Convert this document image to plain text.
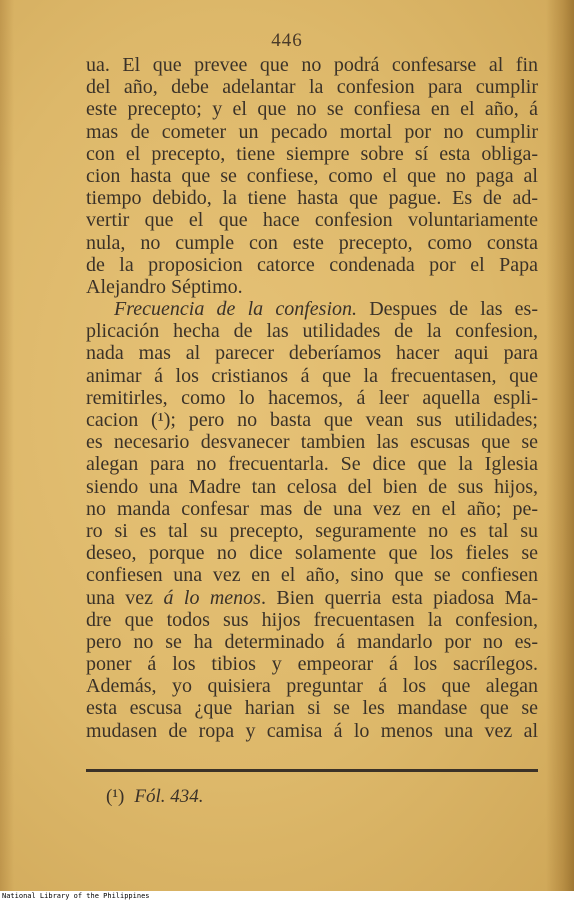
446
ua. El que prevee que no podrá confesarse al fin
del año, debe adelantar la confesion para cumplir
este precepto; y el que no se confiesa en el año, á
mas de cometer un pecado mortal por no cumplir
con el precepto, tiene siempre sobre sí esta obliga-
cion hasta que se confiese, como el que no paga al
tiempo debido, la tiene hasta que pague. Es de ad-
vertir que el que hace confesion voluntariamente
nula, no cumple con este precepto, como consta
de la proposicion catorce condenada por el Papa
Alejandro Séptimo.
Frecuencia de la confesion. Despues de las es-
plicación hecha de las utilidades de la confesion,
nada mas al parecer deberíamos hacer aqui para
animar á los cristianos á que la frecuentasen, que
remitirles, como lo hacemos, á leer aquella espli-
cacion (¹); pero no basta que vean sus utilidades;
es necesario desvanecer tambien las escusas que se
alegan para no frecuentarla. Se dice que la Iglesia
siendo una Madre tan celosa del bien de sus hijos,
no manda confesar mas de una vez en el año; pe-
ro si es tal su precepto, seguramente no es tal su
deseo, porque no dice solamente que los fieles se
confiesen una vez en el año, sino que se confiesen
una vez á lo menos. Bien querria esta piadosa Ma-
dre que todos sus hijos frecuentasen la confesion,
pero no se ha determinado á mandarlo por no es-
poner á los tibios y empeorar á los sacrílegos.
Además, yo quisiera preguntar á los que alegan
esta escusa ¿que harian si se les mandase que se
mudasen de ropa y camisa á lo menos una vez al
(¹) Fól. 434.
National Library of the Philippines
